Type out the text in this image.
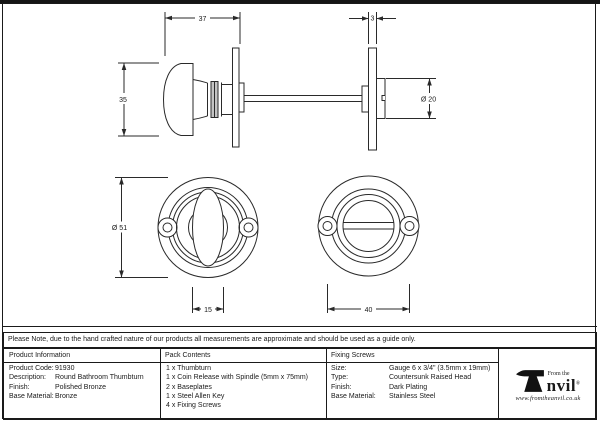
37
35
3
Ø 20
Ø 51
15	40
Please Note, due to the hand crafted nature of our products all measurements are approximate and should be used as a guide only.
Product Information	Pack Contents	Fixing Screws
Product Code: 91930
Description:	Round Bathroom Thumbturn
Finish:	Polished Bronze
Base Material: Bronze
1 x Thumbturn
1 x Coin Release with Spindle (5mm x 75mm)
2 x Baseplates
1 x Steel Allen Key
4 x Fixing Screws
Size:	Gauge 6 x 3/4" (3.5mm x 19mm)
Type:	Countersunk Raised Head
Finish:	Dark Plating
Base Material:	Stainless Steel
From the
nvil®
www.fromtheanvil.co.uk
